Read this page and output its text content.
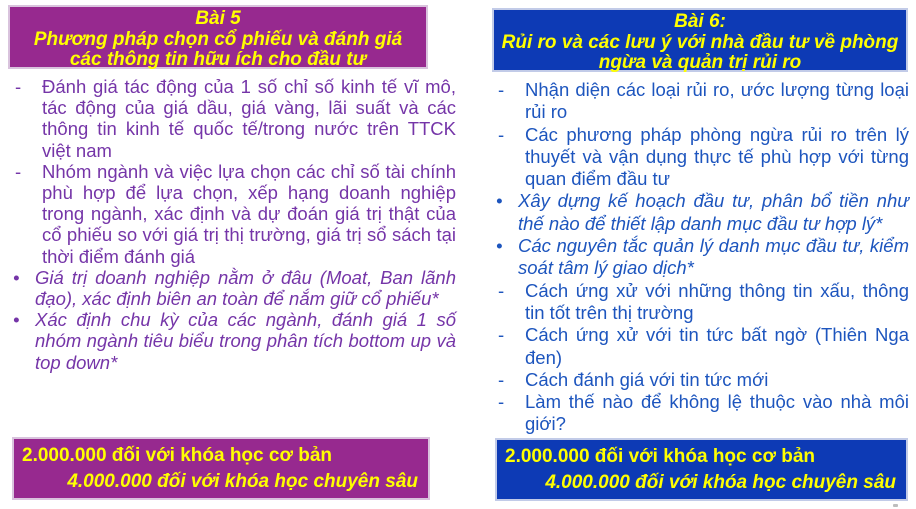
Bài 5
Phương pháp chọn cổ phiếu và đánh giá
các thông tin hữu ích cho đầu tư
-	Đánh giá tác động của 1 số chỉ số kinh tế vĩ mô, tác động của giá dầu, giá vàng, lãi suất và các thông tin kinh tế quốc tế/trong nước trên TTCK việt nam
-	Nhóm ngành và việc lựa chọn các chỉ số tài chính phù hợp để lựa chọn, xếp hạng doanh nghiệp trong ngành, xác định và dự đoán giá trị thật của cổ phiếu so với giá trị thị trường, giá trị sổ sách tại thời điểm đánh giá
• Giá trị doanh nghiệp nằm ở đâu (Moat, Ban lãnh đạo), xác định biên an toàn để nắm giữ cổ phiếu*
• Xác định chu kỳ của các ngành, đánh giá 1 số nhóm ngành tiêu biểu trong phân tích bottom up và top down*
2.000.000 đối với khóa học cơ bản
4.000.000 đối với khóa học chuyên sâu
Bài 6:
Rủi ro và các lưu ý với nhà đầu tư về phòng
ngừa và quản trị rủi ro
-	Nhận diện các loại rủi ro, ước lượng từng loại rủi ro
-	Các phương pháp phòng ngừa rủi ro trên lý thuyết và vận dụng thực tế phù hợp với từng quan điểm đầu tư
• Xây dựng kế hoạch đầu tư, phân bổ tiền như thế nào để thiết lập danh mục đầu tư hợp lý*
• Các nguyên tắc quản lý danh mục đầu tư, kiểm soát tâm lý giao dịch*
-	Cách ứng xử với những thông tin xấu, thông tin tốt trên thị trường
-	Cách ứng xử với tin tức bất ngờ (Thiên Nga đen)
-	Cách đánh giá với tin tức mới
-	Làm thế nào để không lệ thuộc vào nhà môi giới?
2.000.000 đối với khóa học cơ bản
4.000.000 đối với khóa học chuyên sâu
